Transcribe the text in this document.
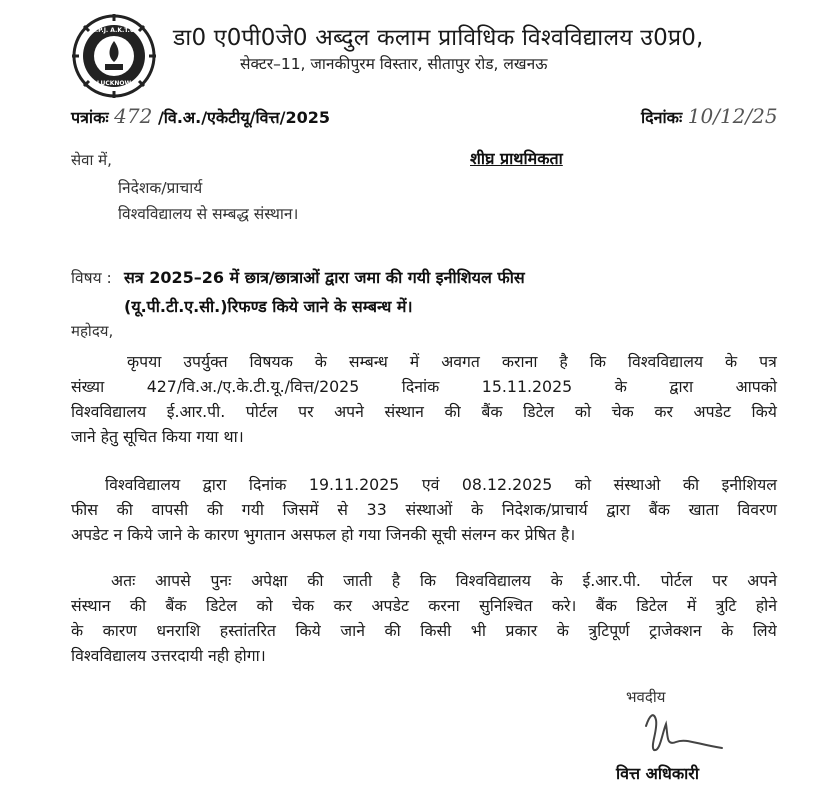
A.P.J. A.K.T.U.
LUCKNOW
डा0 ए0पी0जे0 अब्दुल कलाम प्राविधिक विश्वविद्यालय उ0प्र0,
सेक्टर–11, जानकीपुरम विस्तार, सीतापुर रोड, लखनऊ
पत्रांकः 472 /वि.अ./एकेटीयू/वित्त/2025	दिनांकः 10/12/25
सेवा में,	शीघ्र प्राथमिकता
निदेशक/प्राचार्य
विश्वविद्यालय से सम्बद्ध संस्थान।
विषय : सत्र 2025–26 में छात्र/छात्राओं द्वारा जमा की गयी इनीशियल फीस
(यू.पी.टी.ए.सी.)रिफण्ड किये जाने के सम्बन्ध में।
महोदय,
कृपया उपर्युक्त विषयक के सम्बन्ध में अवगत कराना है कि विश्वविद्यालय के पत्र
संख्या	427/वि.अ./ए.के.टी.यू./वित्त/2025	दिनांक	15.11.2025	के	द्वारा	आपको
विश्वविद्यालय ई.आर.पी. पोर्टल पर अपने संस्थान की बैंक डिटेल को चेक कर अपडेट किये
जाने हेतु सूचित किया गया था।
विश्वविद्यालय द्वारा दिनांक 19.11.2025 एवं 08.12.2025 को संस्थाओ की इनीशियल
फीस की वापसी की गयी जिसमें से 33 संस्थाओं के निदेशक/प्राचार्य द्वारा बैंक खाता विवरण
अपडेट न किये जाने के कारण भुगतान असफल हो गया जिनकी सूची संलग्न कर प्रेषित है।
अतः आपसे पुनः अपेक्षा की जाती है कि विश्वविद्यालय के ई.आर.पी. पोर्टल पर अपने
संस्थान की बैंक डिटेल को चेक कर अपडेट करना सुनिश्चित करे। बैंक डिटेल में त्रुटि होने
के कारण धनराशि हस्तांतरित किये जाने की किसी भी प्रकार के त्रुटिपूर्ण ट्राजेक्शन के लिये
विश्वविद्यालय उत्तरदायी नही होगा।
भवदीय
वित्त अधिकारी
